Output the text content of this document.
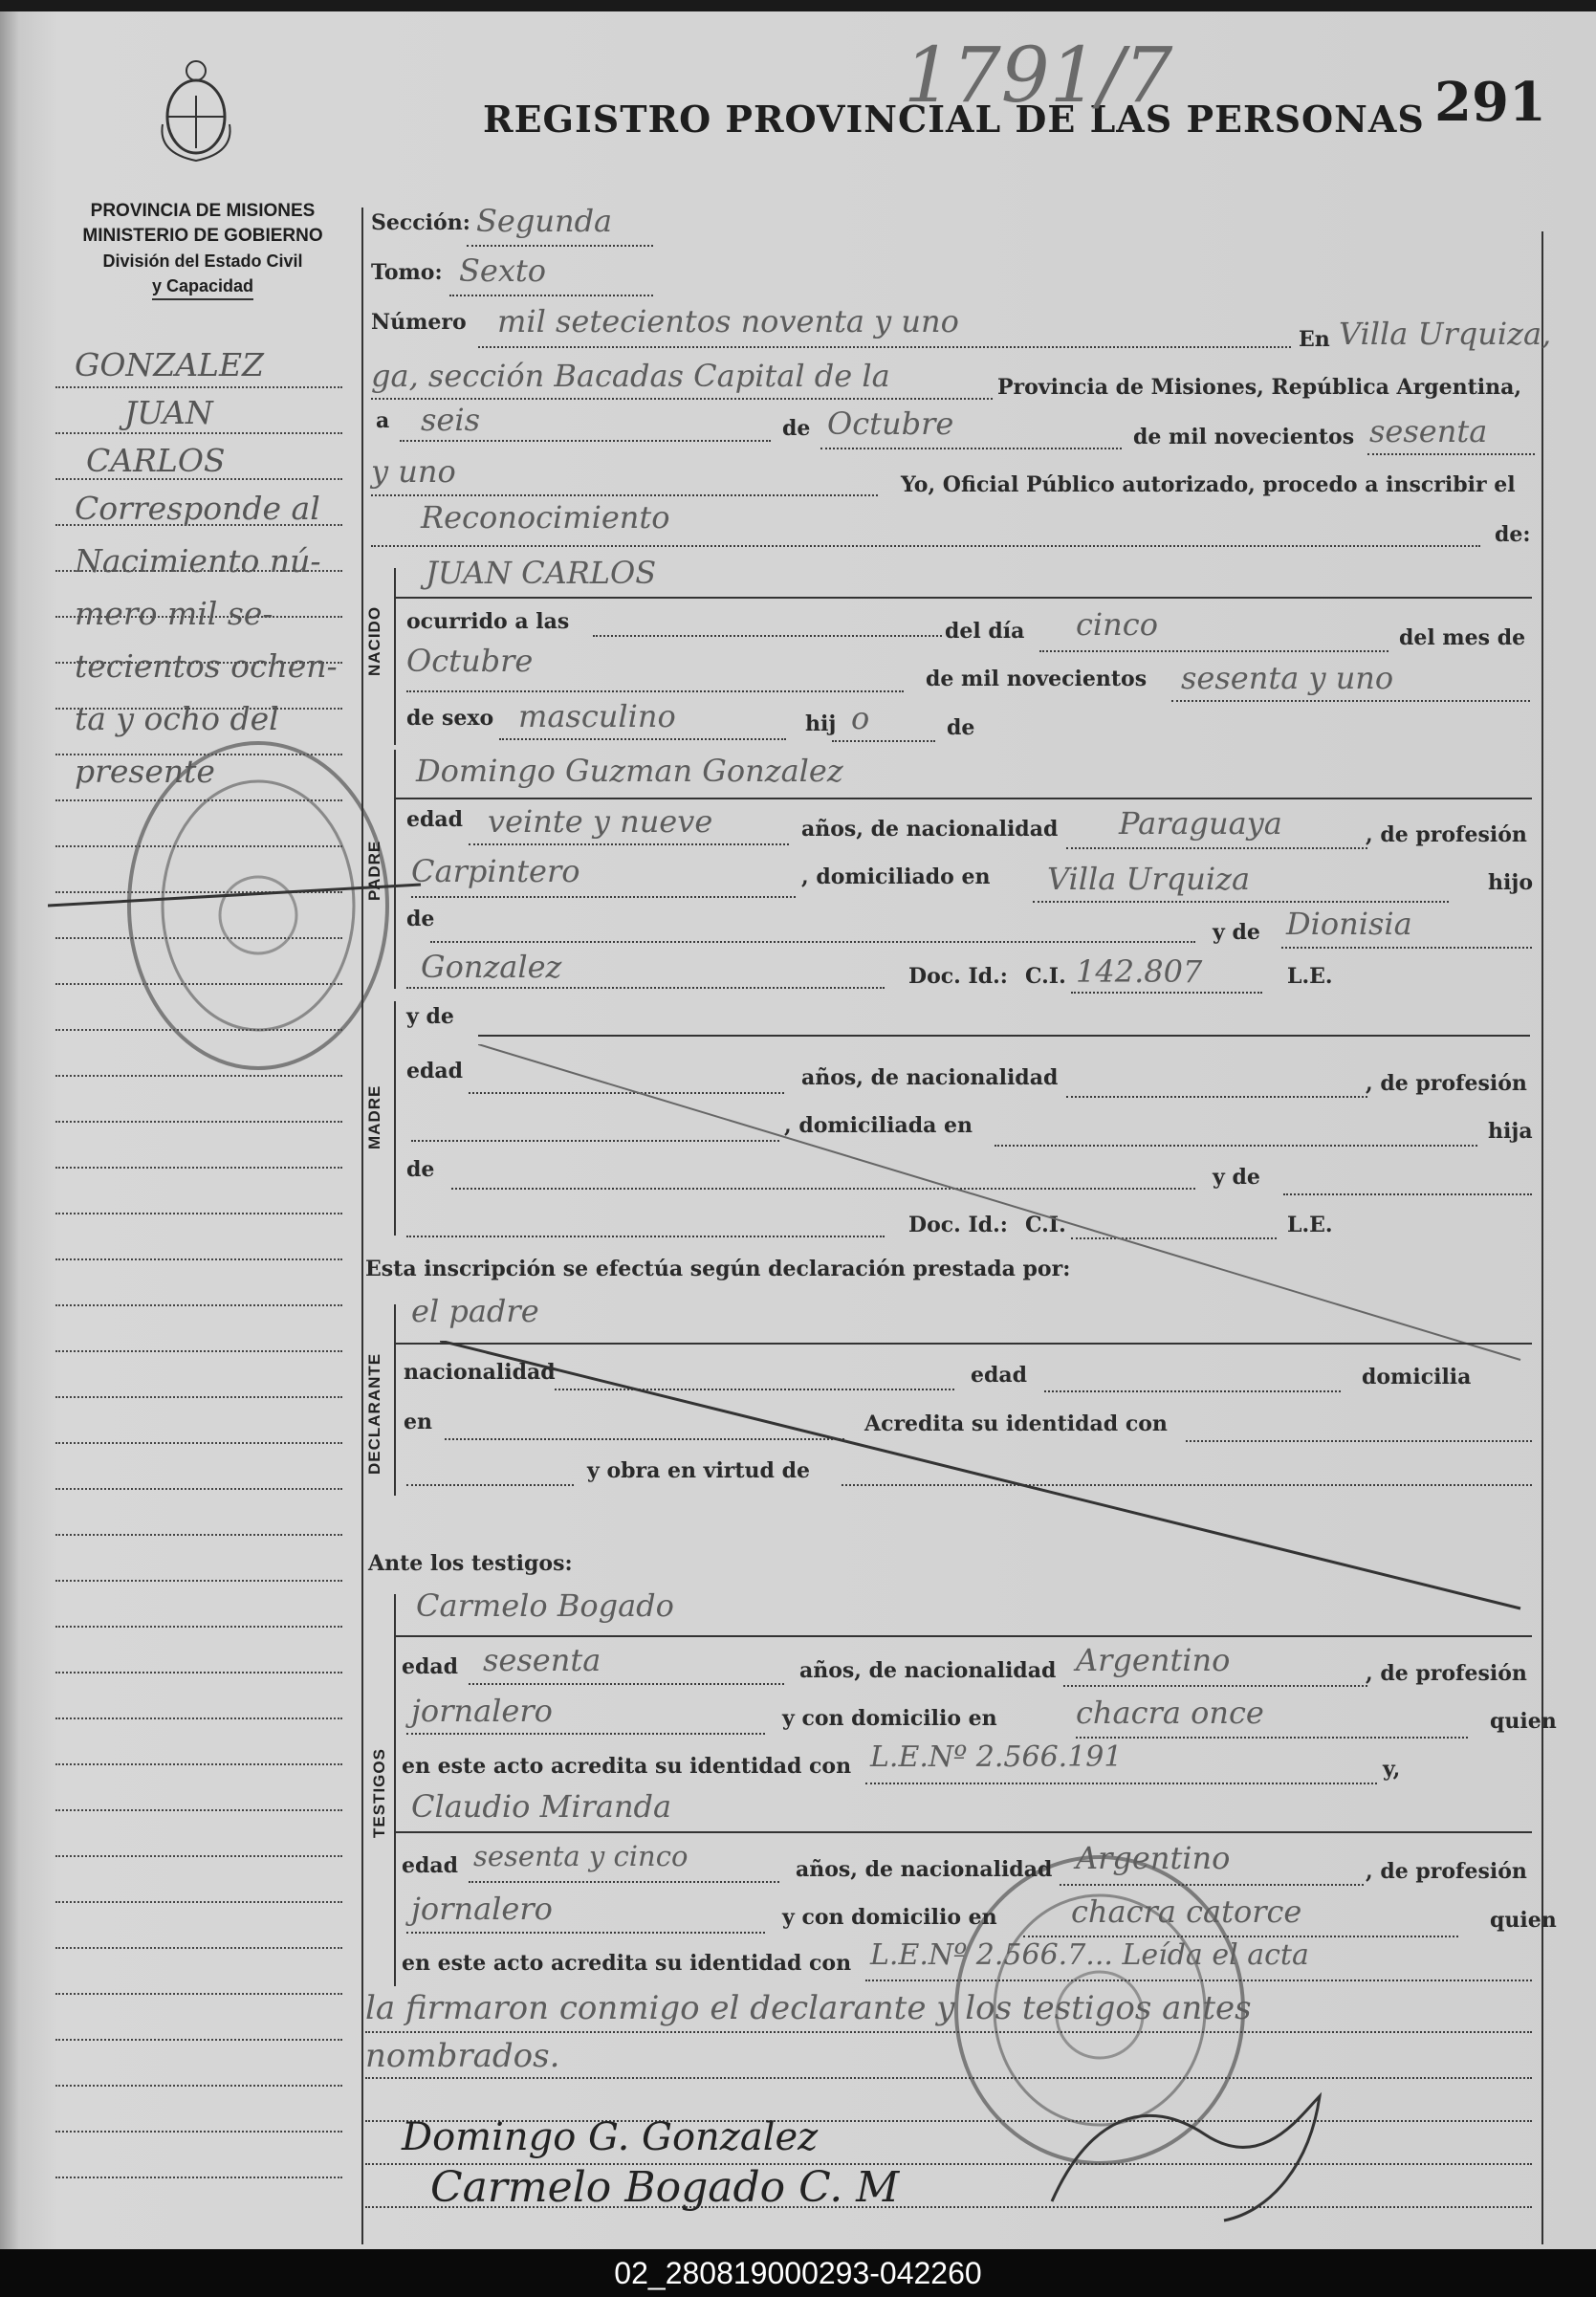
REGISTRO PROVINCIAL DE LAS PERSONAS 291
1791/7
PROVINCIA DE MISIONES
MINISTERIO DE GOBIERNO
División del Estado Civil
y Capacidad
GONZALEZ
JUAN
CARLOS
Corresponde al
Nacimiento nú-
mero mil se-
tecientos ochen-
ta y ocho del
presente
Sección: Segunda
Tomo: Sexto
Número mil setecientos noventa y uno	En Villa Urquiza,
ga, sección Bacadas Capital de la	Provincia de Misiones, República Argentina,
a seis	de Octubre	de mil novecientos sesenta
y uno	Yo, Oficial Público autorizado, procedo a inscribir el
Reconocimiento	de:
NACIDO
JUAN CARLOS
ocurrido a las	del día cinco	del mes de
Octubre	de mil novecientos sesenta y uno
de sexo masculino	hij o	de
PADRE
Domingo Guzman Gonzalez
edad veinte y nueve	años, de nacionalidad Paraguaya	, de profesión
Carpintero	, domiciliado en Villa Urquiza	hijo
de
y de Dionisia
Gonzalez	Doc. Id.: C.I. 142.807	L.E.
MADRE
y de
edad	años, de nacionalidad	, de profesión
, domiciliada en	hija
de	y de
Doc. Id.: C.I.	L.E.
Esta inscripción se efectúa según declaración prestada por:
DECLARANTE
el padre
nacionalidad	edad	domicilia
en	Acredita su identidad con
y obra en virtud de
Ante los testigos:
TESTIGOS
Carmelo Bogado
edad sesenta	años, de nacionalidad Argentino	, de profesión
jornalero	y con domicilio en	chacra once	quien
en este acto acredita su identidad con L.E.Nº 2.566.191	y,
Claudio Miranda
edad sesenta y cinco	años, de nacionalidad Argentino	, de profesión
jornalero	y con domicilio en chacra catorce	quien
en este acto acredita su identidad con L.E.Nº 2.566.7... Leída el acta
la firmaron conmigo el declarante y los testigos antes
nombrados.
Domingo G. Gonzalez
Carmelo Bogado C. M
02_280819000293-042260
